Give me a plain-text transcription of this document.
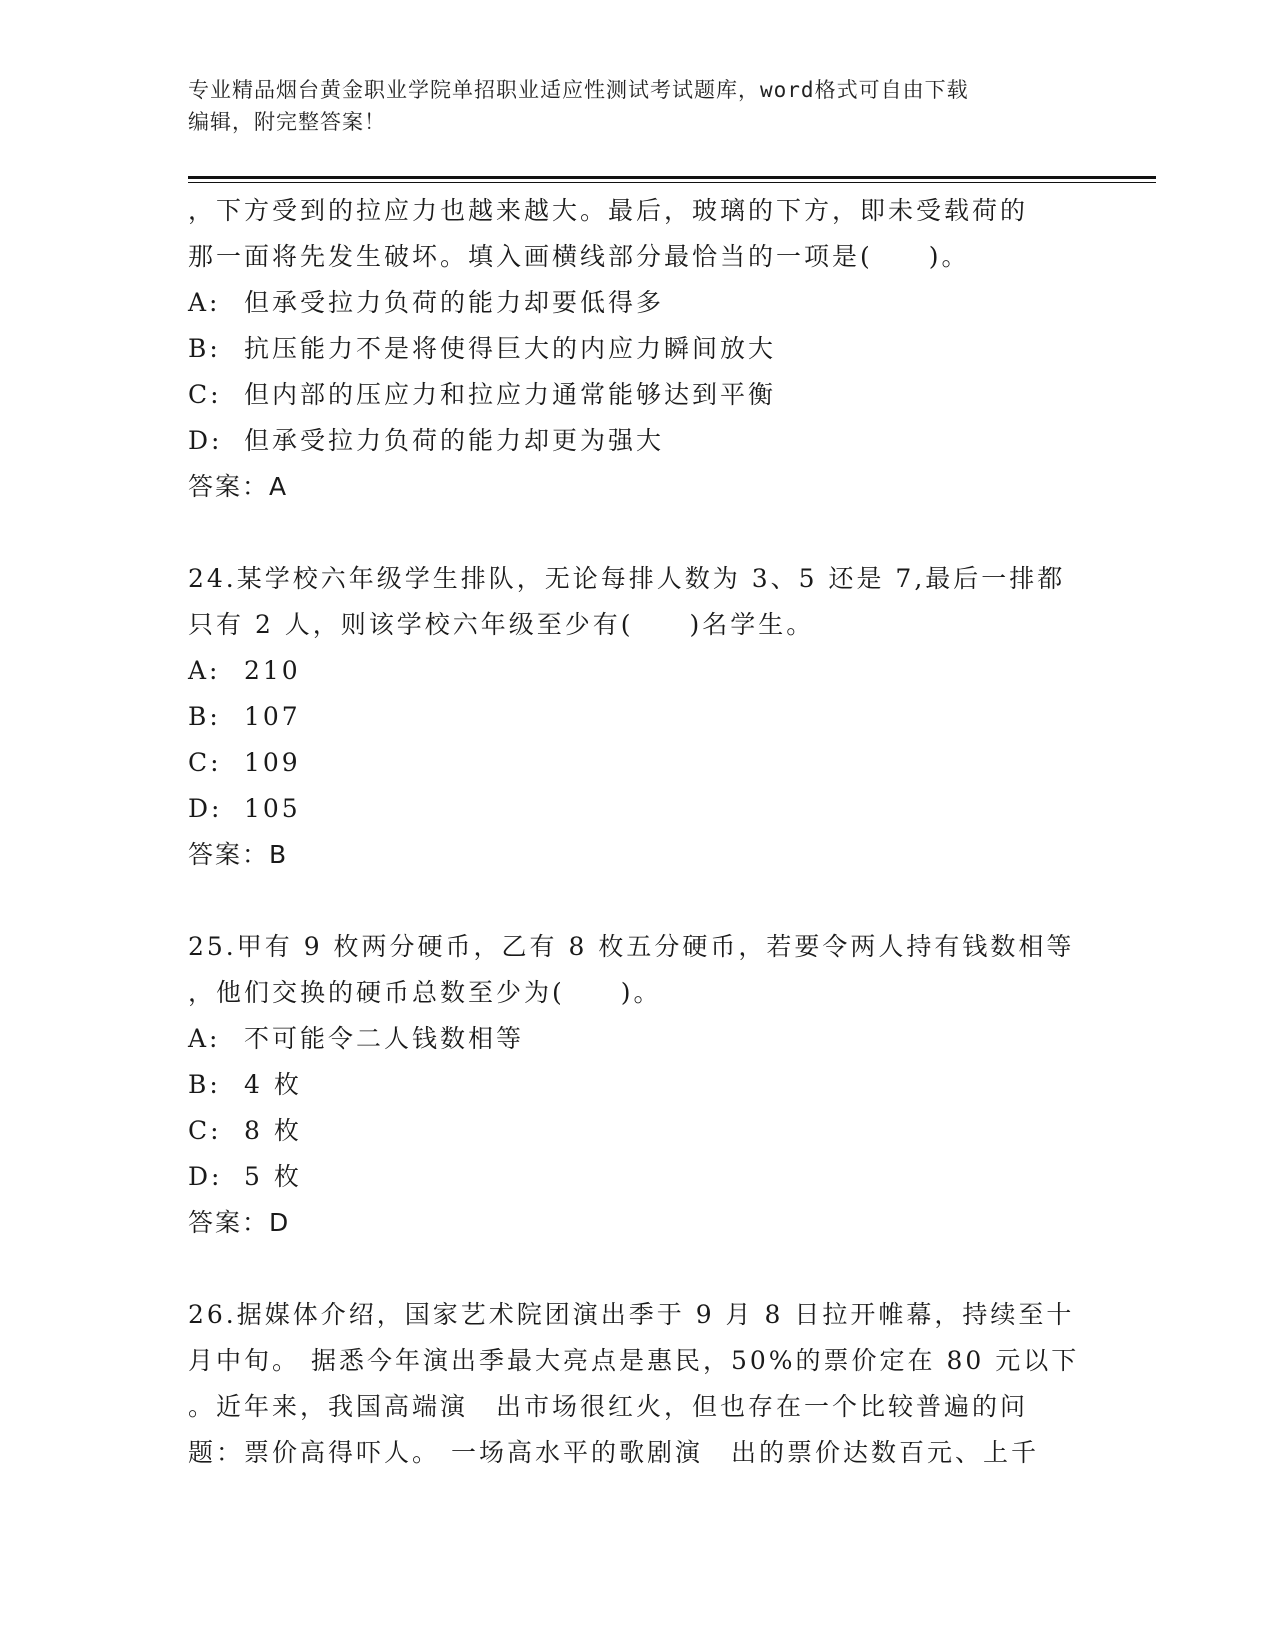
专业精品烟台黄金职业学院单招职业适应性测试考试题库，word格式可自由下载
编辑，附完整答案！
，下方受到的拉应力也越来越大。最后，玻璃的下方，即未受载荷的
那一面将先发生破坏。填入画横线部分最恰当的一项是(　　)。
A: 但承受拉力负荷的能力却要低得多
B: 抗压能力不是将使得巨大的内应力瞬间放大
C: 但内部的压应力和拉应力通常能够达到平衡
D: 但承受拉力负荷的能力却更为强大
答案：A
24.某学校六年级学生排队，无论每排人数为 3、5 还是 7,最后一排都
只有 2 人，则该学校六年级至少有(　　)名学生。
A: 210
B: 107
C: 109
D: 105
答案：B
25.甲有 9 枚两分硬币，乙有 8 枚五分硬币，若要令两人持有钱数相等
，他们交换的硬币总数至少为(　　)。
A: 不可能令二人钱数相等
B: 4 枚
C: 8 枚
D: 5 枚
答案：D
26.据媒体介绍，国家艺术院团演出季于 9 月 8 日拉开帷幕，持续至十
月中旬。 据悉今年演出季最大亮点是惠民，50%的票价定在 80 元以下
。近年来，我国高端演　出市场很红火，但也存在一个比较普遍的问
题：票价高得吓人。 一场高水平的歌剧演　出的票价达数百元、上千
